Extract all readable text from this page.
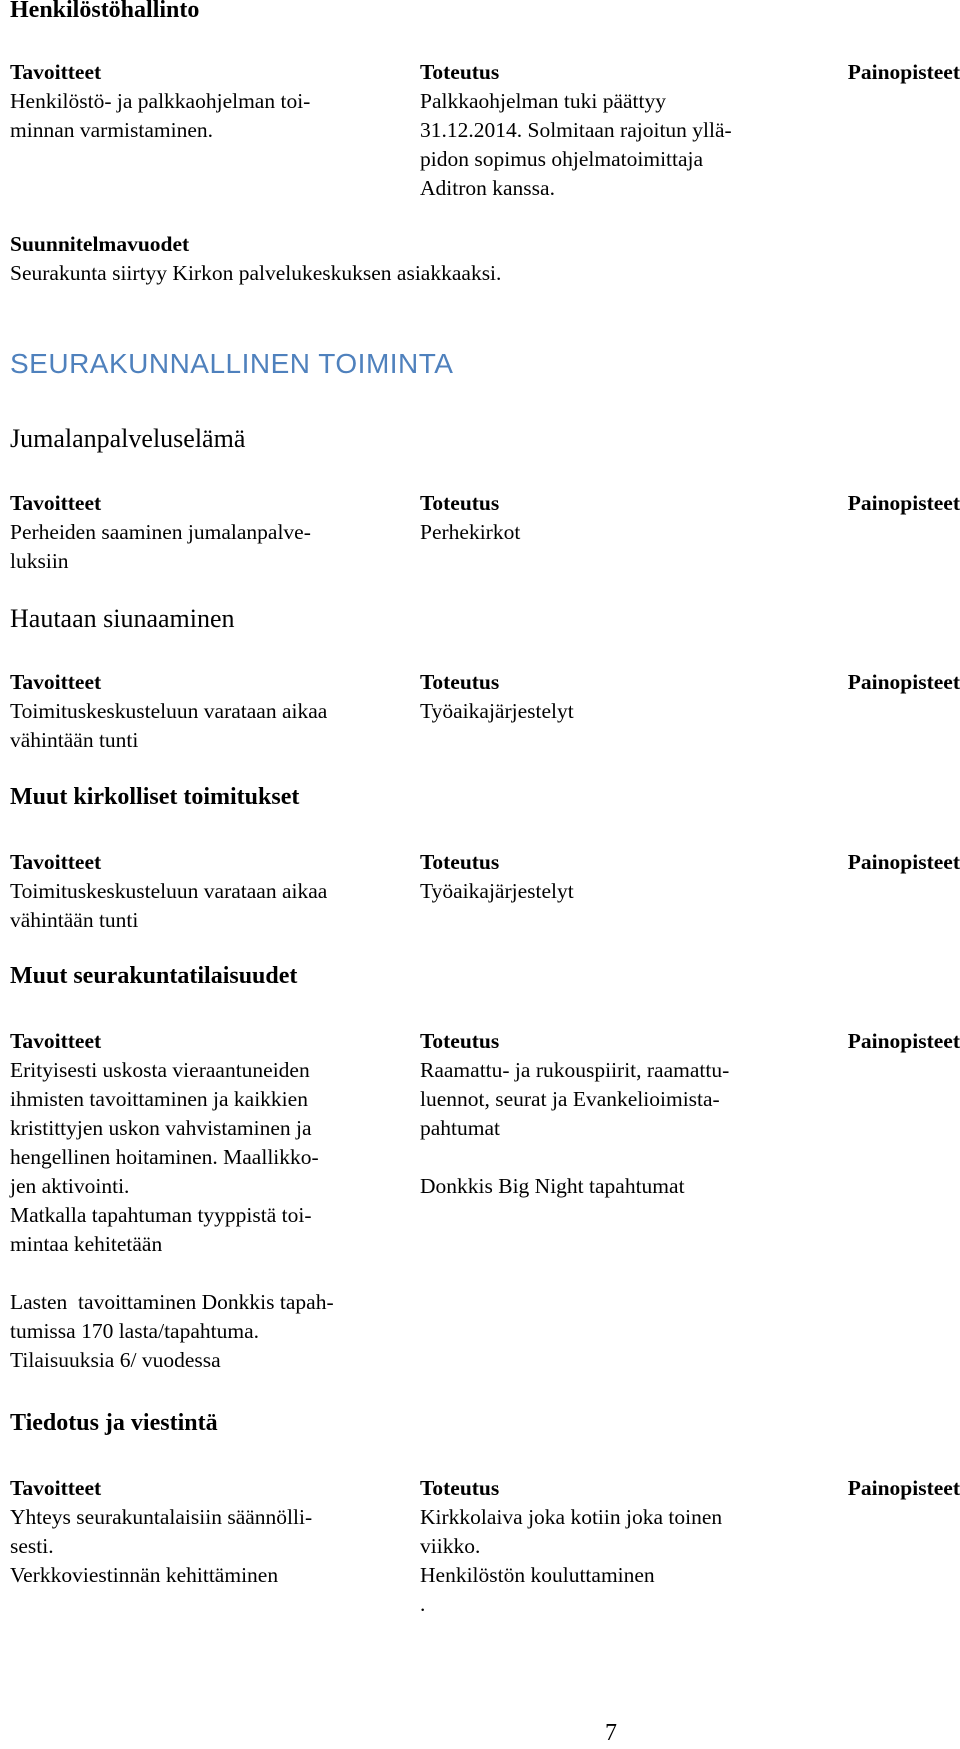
Henkilöstöhallinto
Tavoitteet
Henkilöstö- ja palkkaohjelman toi-
minnan varmistaminen.
Toteutus
Palkkaohjelman tuki päättyy
31.12.2014. Solmitaan rajoitun yllä-
pidon sopimus ohjelmatoimittaja
Aditron kanssa.
Painopisteet
Suunnitelmavuodet
Seurakunta siirtyy Kirkon palvelukeskuksen asiakkaaksi.
SEURAKUNNALLINEN TOIMINTA
Jumalanpalveluselämä
Tavoitteet
Perheiden saaminen jumalanpalve-
luksiin
Toteutus
Perhekirkot
Painopisteet
Hautaan siunaaminen
Tavoitteet
Toimituskeskusteluun varataan aikaa
vähintään tunti
Toteutus
Työaikajärjestelyt
Painopisteet
Muut kirkolliset toimitukset
Tavoitteet
Toimituskeskusteluun varataan aikaa
vähintään tunti
Toteutus
Työaikajärjestelyt
Painopisteet
Muut seurakuntatilaisuudet
Tavoitteet
Erityisesti uskosta vieraantuneiden
ihmisten tavoittaminen ja kaikkien
kristittyjen uskon vahvistaminen ja
hengellinen hoitaminen. Maallikko-
jen aktivointi.
Matkalla tapahtuman tyyppistä toi-
mintaa kehitetään
Toteutus
Raamattu- ja rukouspiirit, raamattu-
luennot, seurat ja Evankelioimista-
pahtumat

Donkkis Big Night tapahtumat
Painopisteet
Lasten  tavoittaminen Donkkis tapah-
tumissa 170 lasta/tapahtuma.
Tilaisuuksia 6/ vuodessa
Tiedotus ja viestintä
Tavoitteet
Yhteys seurakuntalaisiin säännölli-
sesti.
Verkkoviestinnän kehittäminen
Toteutus
Kirkkolaiva joka kotiin joka toinen
viikko.
Henkilöstön kouluttaminen
.
Painopisteet
7
